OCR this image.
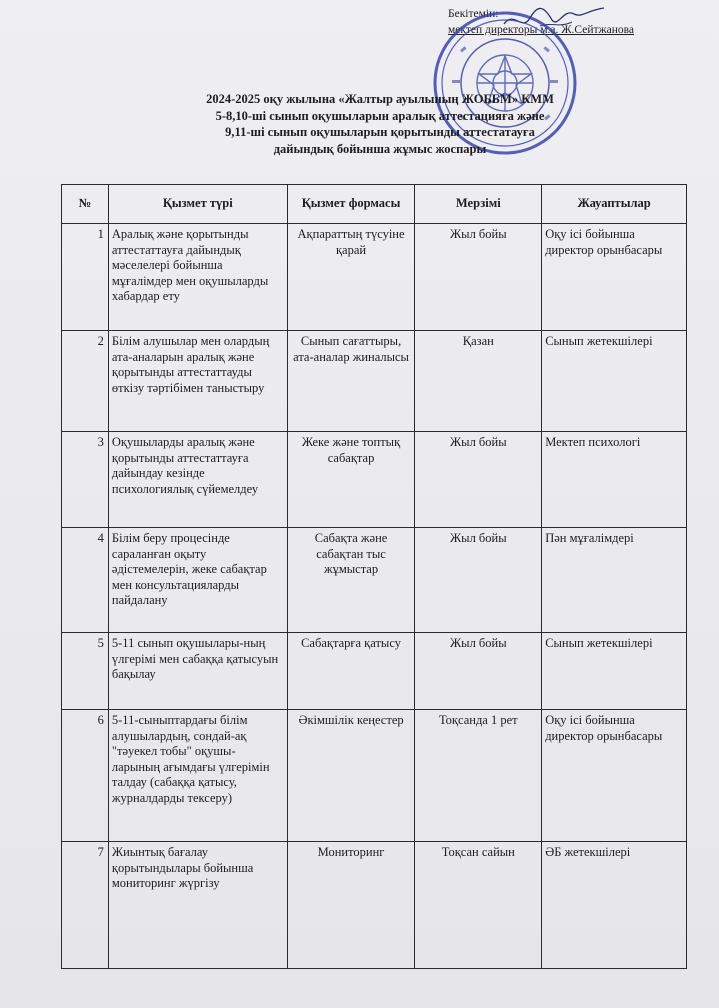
Бекітемін:
мектеп директоры м.а. Ж.Сейтжанова
2024-2025 оқу жылына «Жалтыр ауылының ЖОББМ» КММ
5-8,10-ші сынып оқушыларын аралық аттестацияға және
9,11-ші сынып оқушыларын қорытынды аттестатауға
дайындық бойынша жұмыс жоспары
№	Қызмет түрі	Қызмет формасы	Мерзімі	Жауаптылар
1	Аралық және қорытынды аттестаттауға дайындық мәселелері бойынша мұғалімдер мен оқушыларды хабардар ету	Ақпараттың түсуіне қарай	Жыл бойы	Оқу ісі бойынша директор орынбасары
2	Білім алушылар мен олардың ата-аналарын аралық және қорытынды аттестаттауды өткізу тәртібімен таныстыру	Сынып сағаттыры, ата-аналар жиналысы	Қазан	Сынып жетекшілері
3	Оқушыларды аралық және қорытынды аттестаттауға дайындау кезінде психологиялық сүйемелдеу	Жеке және топтық сабақтар	Жыл бойы	Мектеп психологі
4	Білім беру процесінде сараланған оқыту әдістемелерін, жеке сабақтар мен консультацияларды пайдалану	Сабақта және сабақтан тыс жұмыстар	Жыл бойы	Пән мұғалімдері
5	5-11 сынып оқушылары-ның үлгерімі мен сабаққа қатысуын бақылау	Сабақтарға қатысу	Жыл бойы	Сынып жетекшілері
6	5-11-сыныптардағы білім алушылардың, сондай-ақ "тәуекел тобы" оқушы-ларының ағымдағы үлгерімін талдау (сабаққа қатысу, журналдарды тексеру)	Әкімшілік кеңестер	Тоқсанда 1 рет	Оқу ісі бойынша директор орынбасары
7	Жиынтық бағалау қорытындылары бойынша мониторинг жүргізу	Мониторинг	Тоқсан сайын	ӘБ жетекшілері
